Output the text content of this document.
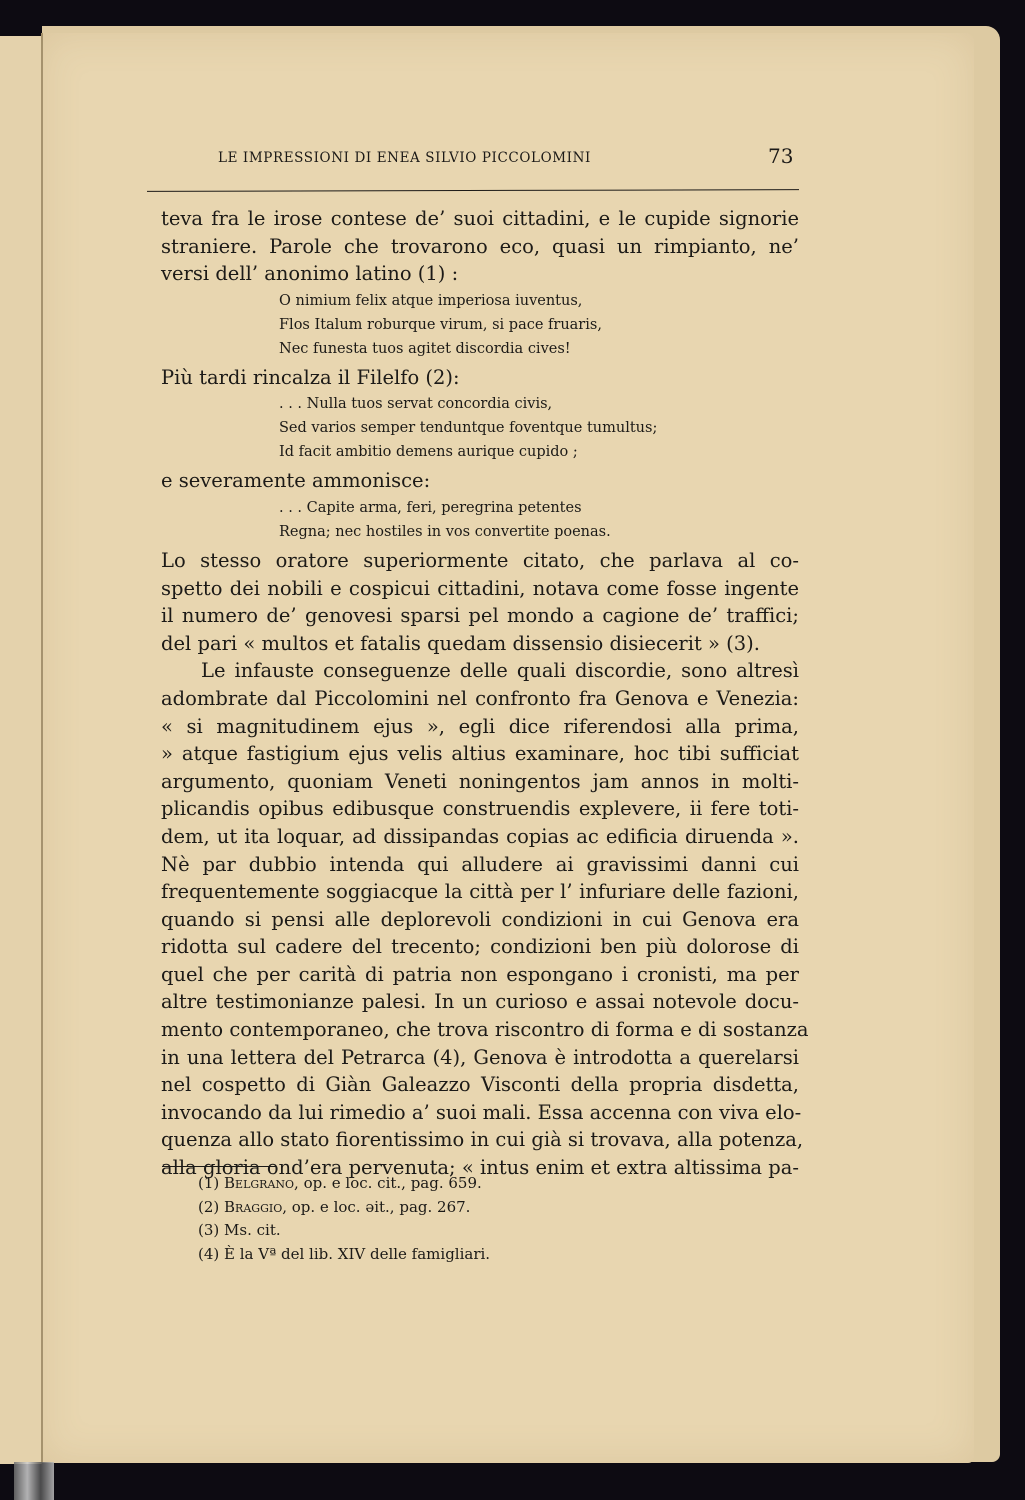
LE IMPRESSIONI DI ENEA SILVIO PICCOLOMINI	73
teva fra le irose contese de’ suoi cittadini, e le cupide signorie
straniere. Parole che trovarono eco, quasi un rimpianto, ne’
versi dell’ anonimo latino (1) :
O nimium felix atque imperiosa iuventus,
Flos Italum roburque virum, si pace fruaris,
Nec funesta tuos agitet discordia cives!
Più tardi rincalza il Filelfo (2):
. . . Nulla tuos servat concordia civis,
Sed varios semper tenduntque foventque tumultus;
Id facit ambitio demens aurique cupido ;
e severamente ammonisce:
. . . Capite arma, feri, peregrina petentes
Regna; nec hostiles in vos convertite poenas.
Lo stesso oratore superiormente citato, che parlava al co-
spetto dei nobili e cospicui cittadini, notava come fosse ingente
il numero de’ genovesi sparsi pel mondo a cagione de’ traffici;
del pari « multos et fatalis quedam dissensio disiecerit » (3).
Le infauste conseguenze delle quali discordie, sono altresì
adombrate dal Piccolomini nel confronto fra Genova e Venezia:
« si magnitudinem ejus », egli dice riferendosi alla prima,
» atque fastigium ejus velis altius examinare, hoc tibi sufficiat
argumento, quoniam Veneti noningentos jam annos in molti-
plicandis opibus edibusque construendis explevere, ii fere toti-
dem, ut ita loquar, ad dissipandas copias ac edificia diruenda ».
Nè par dubbio intenda qui alludere ai gravissimi danni cui
frequentemente soggiacque la città per l’ infuriare delle fazioni,
quando si pensi alle deplorevoli condizioni in cui Genova era
ridotta sul cadere del trecento; condizioni ben più dolorose di
quel che per carità di patria non espongano i cronisti, ma per
altre testimonianze palesi. In un curioso e assai notevole docu-
mento contemporaneo, che trova riscontro di forma e di sostanza
in una lettera del Petrarca (4), Genova è introdotta a querelarsi
nel cospetto di Giàn Galeazzo Visconti della propria disdetta,
invocando da lui rimedio a’ suoi mali. Essa accenna con viva elo-
quenza allo stato fiorentissimo in cui già si trovava, alla potenza,
alla gloria ond’era pervenuta; « intus enim et extra altissima pa-
(1) Belgrano, op. e loc. cit., pag. 659.
(2) Braggio, op. e loc. əit., pag. 267.
(3) Ms. cit.
(4) È la Vª del lib. XIV delle famigliari.
